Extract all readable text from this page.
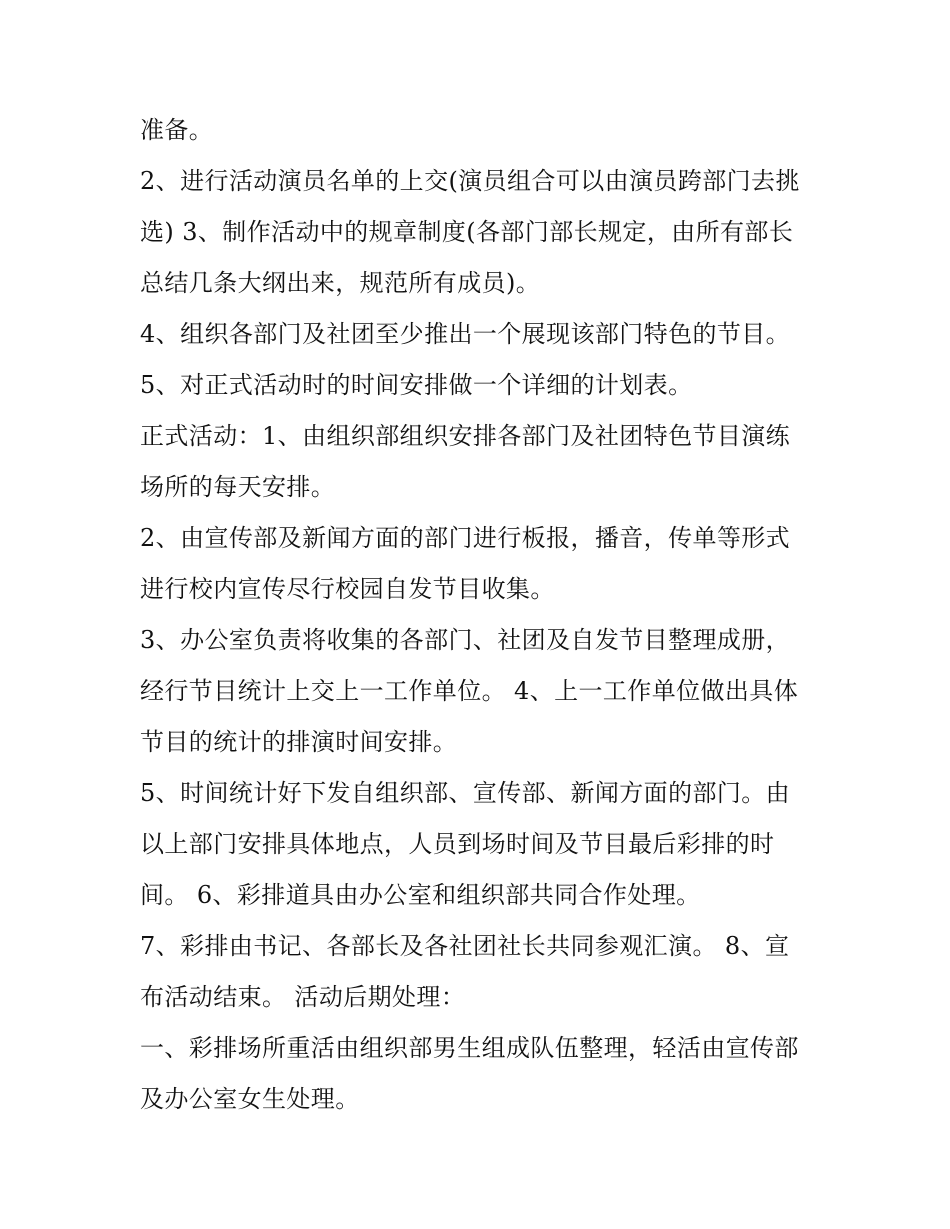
准备。

2、进行活动演员名单的上交(演员组合可以由演员跨部门去挑

选) 3、制作活动中的规章制度(各部门部长规定，由所有部长

总结几条大纲出来，规范所有成员)。

4、组织各部门及社团至少推出一个展现该部门特色的节目。

5、对正式活动时的时间安排做一个详细的计划表。

正式活动：1、由组织部组织安排各部门及社团特色节目演练

场所的每天安排。

2、由宣传部及新闻方面的部门进行板报，播音，传单等形式

进行校内宣传尽行校园自发节目收集。

3、办公室负责将收集的各部门、社团及自发节目整理成册，

经行节目统计上交上一工作单位。 4、上一工作单位做出具体

节目的统计的排演时间安排。

5、时间统计好下发自组织部、宣传部、新闻方面的部门。由

以上部门安排具体地点，人员到场时间及节目最后彩排的时

间。 6、彩排道具由办公室和组织部共同合作处理。

7、彩排由书记、各部长及各社团社长共同参观汇演。 8、宣

布活动结束。 活动后期处理：

一、彩排场所重活由组织部男生组成队伍整理，轻活由宣传部

及办公室女生处理。
